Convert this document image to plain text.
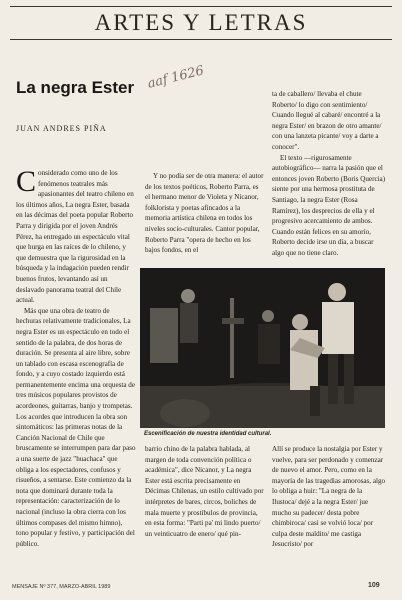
ARTES Y LETRAS
La negra Ester aaf 1626
JUAN ANDRES PIÑA

Considerado como uno de los fenómenos teatrales más apasionantes del teatro chileno en los últimos años, La negra Ester, basada en las décimas del poeta popular Roberto Parra y dirigida por el joven Andrés Pérez, ha entregado un espectáculo vital que hurga en las raíces de lo chileno, y que demuestra que la rigurosidad en la búsqueda y la indagación pueden rendir buenos frutos, levantando así un deslavado panorama teatral del Chile actual.

Más que una obra de teatro de hechuras relativamente tradicionales, La negra Ester es un espectáculo en todo el sentido de la palabra, de dos horas de duración. Se presenta al aire libre, sobre un tablado con escasa escenografía de fondo, y a cuyo costado izquierdo está permanentemente encima una orquesta de tres músicos populares provistos de acordeones, guitarras, banjo y trompetas. Los acordes que introducen la obra son sintomáticos: las primeras notas de la Canción Nacional de Chile que bruscamente se interrumpen para dar paso a una suerte de jazz "huachaca" que obliga a los espectadores, confusos y risueños, a sentarse. Este comienzo da la nota que dominará durante toda la representación: caracterización de lo nacional (incluso la obra cierra con los últimos compases del mismo himno), tono popular y festivo, y participación del público.

Y no podía ser de otra manera: el autor de los textos poéticos, Roberto Parra, es el hermano menor de Violeta y Nicanor, folklorista y poetas afincados a la memoria artística chilena en todos los niveles socio-culturales. Cantor popular, Roberto Parra "opera de hecho en los bajos fondos, en el

ta de caballero/ llevaba el chute Roberto/ lo digo con sentimiento/ Cuando llegué al cabaré/ encontré a la negra Ester/ en brazon de otro amante/ con una lanzeta picante/ voy a darte a conocer".

El texto —rigurosamente autobiográfico— narra la pasión que el entonces joven Roberto (Boris Quercia) siente por una hermosa prostituta de Santiago, la negra Ester (Rosa Ramírez), los desprecios de ella y el progresivo acercamiento de ambos. Cuando están felices en su amorío, Roberto decide irse un día, a buscar algo que no tiene claro.

Escenificación de nuestra identidad cultural.

barrio chino de la palabra hablada, al margen de toda convención política o académica", dice Nicanor, y La negra Ester está escrita precisamente en Décimas Chilenas, un estilo cultivado por intérpretes de bares, circos, boliches de mala muerte y prostíbulos de provincia, en esta forma: "Parti pa' mi lindo puerto/ un veinticuatro de enero/ qué pin-

Allí se produce la nostalgia por Ester y vuelve, para ser perdonado y comenzar de nuevo el amor. Pero, como en la mayoría de las tragedias amorosas, algo lo obliga a huir: "La negra de la Ilustoca/ dejé a la negra Ester/ jue mucho su padecer/ desta pobre chimbiroca/ casi se volvió loca/ por culpa deste maldito/ me castiga Jesucristo/ por

MENSAJE Nº 377, MARZO-ABRIL 1989	109
